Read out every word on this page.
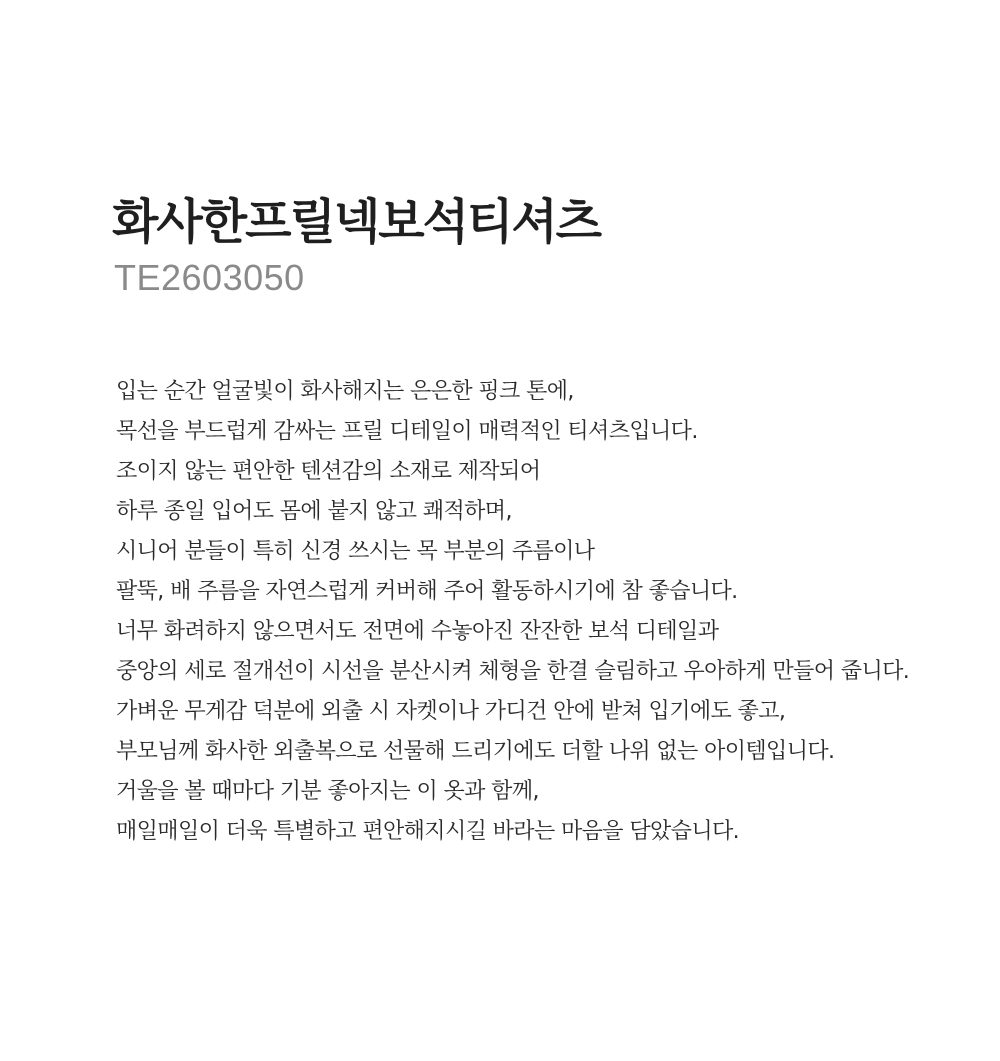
화사한프릴넥보석티셔츠
TE2603050
입는 순간 얼굴빛이 화사해지는 은은한 핑크 톤에,
목선을 부드럽게 감싸는 프릴 디테일이 매력적인 티셔츠입니다.
조이지 않는 편안한 텐션감의 소재로 제작되어
하루 종일 입어도 몸에 붙지 않고 쾌적하며,
시니어 분들이 특히 신경 쓰시는 목 부분의 주름이나
팔뚝, 배 주름을 자연스럽게 커버해 주어 활동하시기에 참 좋습니다.
너무 화려하지 않으면서도 전면에 수놓아진 잔잔한 보석 디테일과
중앙의 세로 절개선이 시선을 분산시켜 체형을 한결 슬림하고 우아하게 만들어 줍니다.
가벼운 무게감 덕분에 외출 시 자켓이나 가디건 안에 받쳐 입기에도 좋고,
부모님께 화사한 외출복으로 선물해 드리기에도 더할 나위 없는 아이템입니다.
거울을 볼 때마다 기분 좋아지는 이 옷과 함께,
매일매일이 더욱 특별하고 편안해지시길 바라는 마음을 담았습니다.
